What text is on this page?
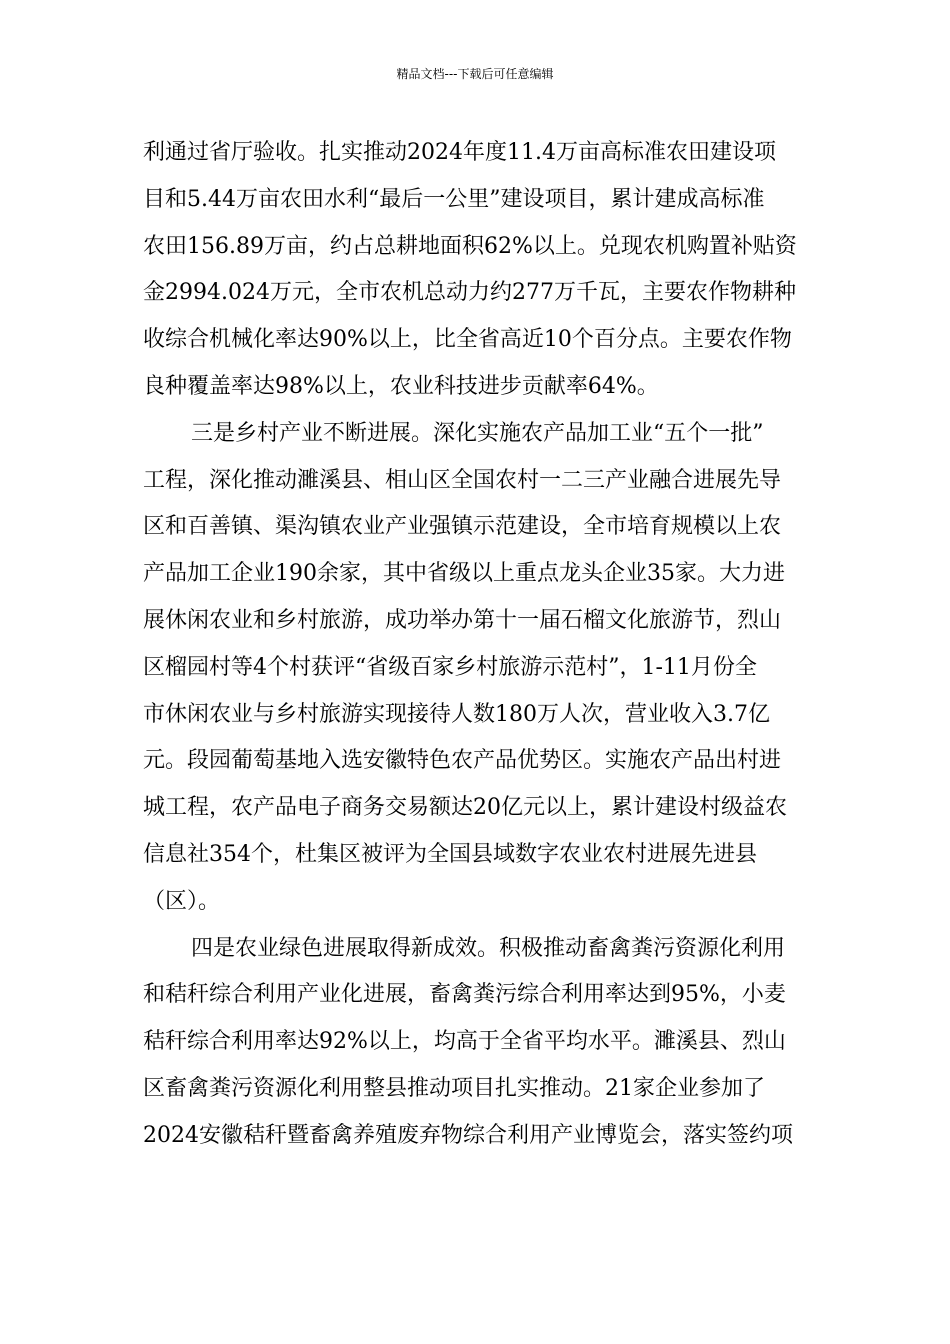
精品文档---下载后可任意编辑
利通过省厅验收。扎实推动2024年度11.4万亩高标准农田建设项
目和5.44万亩农田水利“最后一公里”建设项目，累计建成高标准
农田156.89万亩，约占总耕地面积62%以上。兑现农机购置补贴资
金2994.024万元，全市农机总动力约277万千瓦，主要农作物耕种
收综合机械化率达90%以上，比全省高近10个百分点。主要农作物
良种覆盖率达98%以上，农业科技进步贡献率64%。
三是乡村产业不断进展。深化实施农产品加工业“五个一批”
工程，深化推动濉溪县、相山区全国农村一二三产业融合进展先导
区和百善镇、渠沟镇农业产业强镇示范建设，全市培育规模以上农
产品加工企业190余家，其中省级以上重点龙头企业35家。大力进
展休闲农业和乡村旅游，成功举办第十一届石榴文化旅游节，烈山
区榴园村等4个村获评“省级百家乡村旅游示范村”，1-11月份全
市休闲农业与乡村旅游实现接待人数180万人次，营业收入3.7亿
元。段园葡萄基地入选安徽特色农产品优势区。实施农产品出村进
城工程，农产品电子商务交易额达20亿元以上，累计建设村级益农
信息社354个，杜集区被评为全国县域数字农业农村进展先进县
（区）。
四是农业绿色进展取得新成效。积极推动畜禽粪污资源化利用
和秸秆综合利用产业化进展，畜禽粪污综合利用率达到95%，小麦
秸秆综合利用率达92%以上，均高于全省平均水平。濉溪县、烈山
区畜禽粪污资源化利用整县推动项目扎实推动。21家企业参加了
2024安徽秸秆暨畜禽养殖废弃物综合利用产业博览会，落实签约项
